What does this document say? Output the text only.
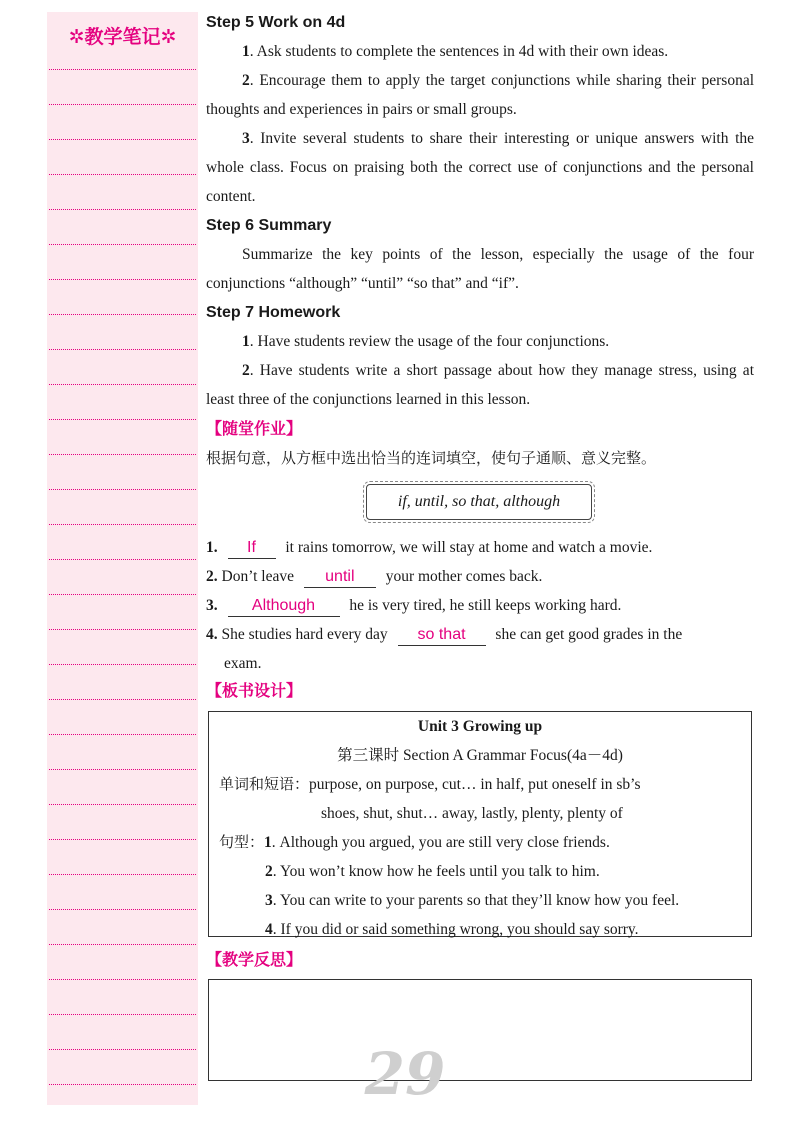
✲教学笔记✲
Step 5 Work on 4d
1. Ask students to complete the sentences in 4d with their own ideas.
2. Encourage them to apply the target conjunctions while sharing their personal thoughts and experiences in pairs or small groups.
3. Invite several students to share their interesting or unique answers with the whole class. Focus on praising both the correct use of conjunctions and the personal content.
Step 6 Summary
Summarize the key points of the lesson, especially the usage of the four conjunctions “although” “until” “so that” and “if”.
Step 7 Homework
1. Have students review the usage of the four conjunctions.
2. Have students write a short passage about how they manage stress, using at least three of the conjunctions learned in this lesson.
【随堂作业】
根据句意，从方框中选出恰当的连词填空，使句子通顺、意义完整。
if, until, so that, although
1. If it rains tomorrow, we will stay at home and watch a movie.
2. Don’t leave until your mother comes back.
3. Although he is very tired, he still keeps working hard.
4. She studies hard every day so that she can get good grades in the
exam.
【板书设计】
Unit 3 Growing up
第三课时 Section A Grammar Focus(4a－4d)
单词和短语：purpose, on purpose, cut… in half, put oneself in sb’s
shoes, shut, shut… away, lastly, plenty, plenty of
句型：1. Although you argued, you are still very close friends.
2. You won’t know how he feels until you talk to him.
3. You can write to your parents so that they’ll know how you feel.
4. If you did or said something wrong, you should say sorry.
【教学反思】
29
